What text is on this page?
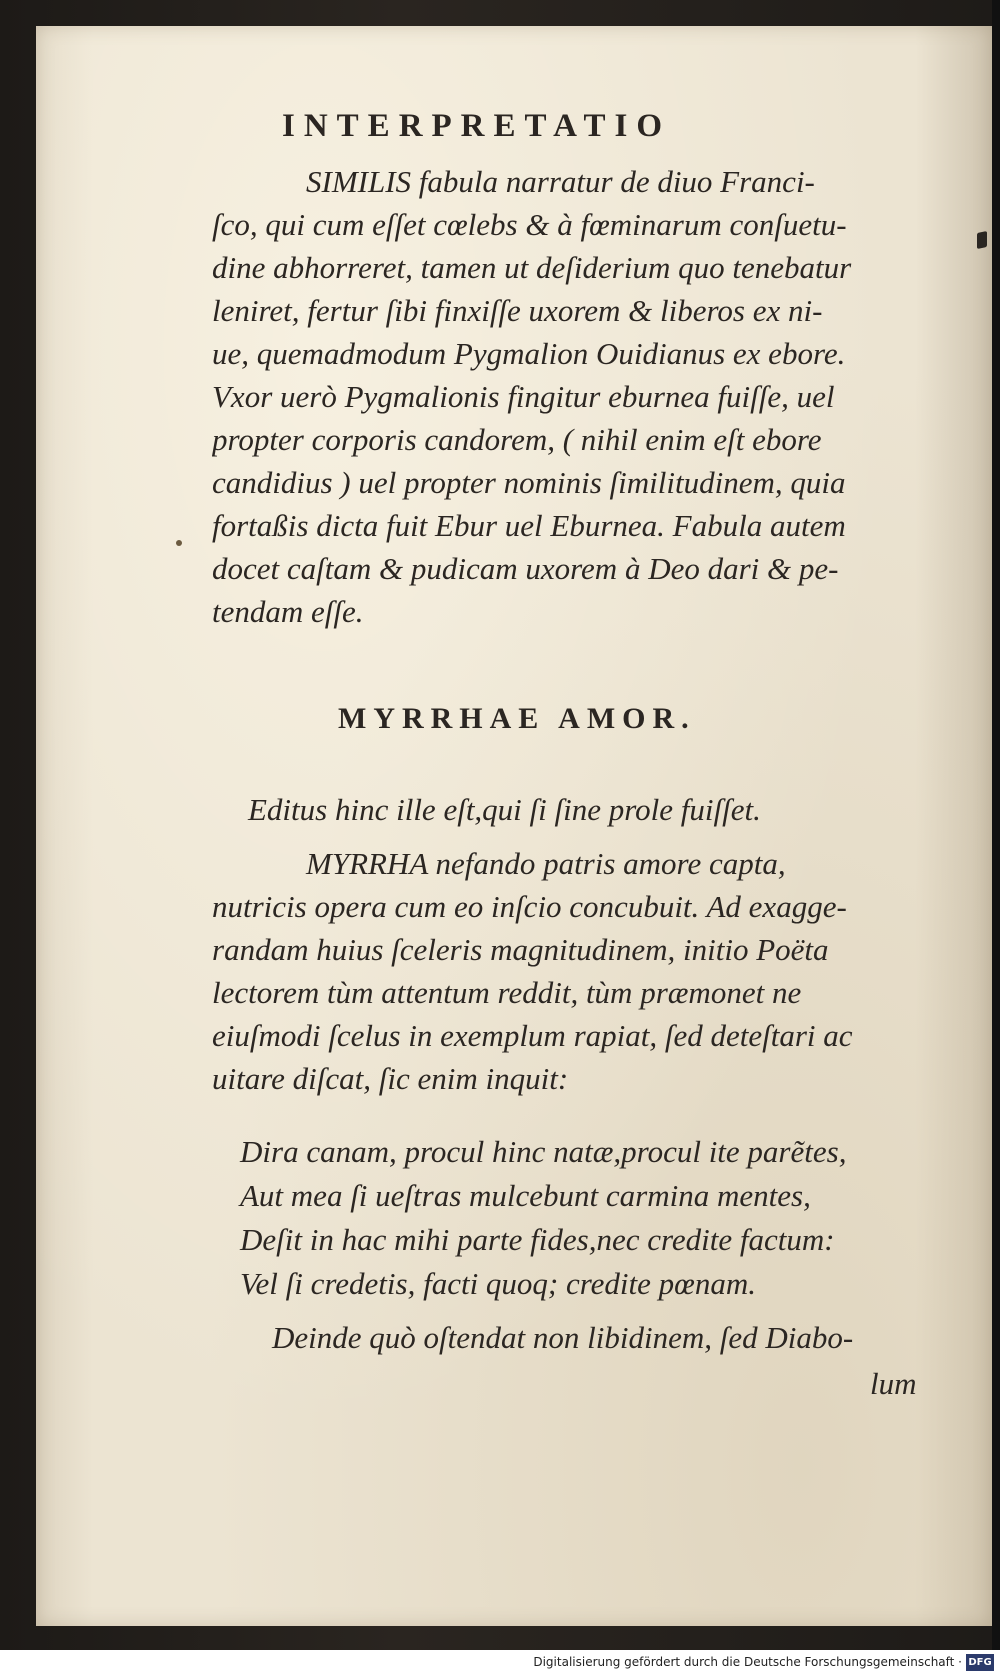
INTERPRETATIO
SIMILIS fabula narratur de diuo Franci-
ſco, qui cum eſſet cœlebs & à fœminarum conſuetu-
dine abhorreret, tamen ut deſiderium quo tenebatur
leniret, fertur ſibi finxiſſe uxorem & liberos ex ni-
ue, quemadmodum Pygmalion Ouidianus ex ebore.
Vxor uerò Pygmalionis fingitur eburnea fuiſſe, uel
propter corporis candorem, ( nihil enim eſt ebore
candidius ) uel propter nominis ſimilitudinem, quia
fortaßis dicta fuit Ebur uel Eburnea. Fabula autem
docet caſtam & pudicam uxorem à Deo dari & pe-
tendam eſſe.
MYRRHAE AMOR.
Editus hinc ille eſt,qui ſi ſine prole fuiſſet.
MYRRHA nefando patris amore capta,
nutricis opera cum eo inſcio concubuit. Ad exagge-
randam huius ſceleris magnitudinem, initio Poëta
lectorem tùm attentum reddit, tùm præmonet ne
eiuſmodi ſcelus in exemplum rapiat, ſed deteſtari ac
uitare diſcat, ſic enim inquit:
Dira canam, procul hinc natæ,procul ite parẽtes,
Aut mea ſi ueſtras mulcebunt carmina mentes,
Deſit in hac mihi parte fides,nec credite factum:
Vel ſi credetis, facti quoq; credite pœnam.
Deinde quò oſtendat non libidinem, ſed Diabo-
lum
Digitalisierung gefördert durch die Deutsche Forschungsgemeinschaft · DFG
